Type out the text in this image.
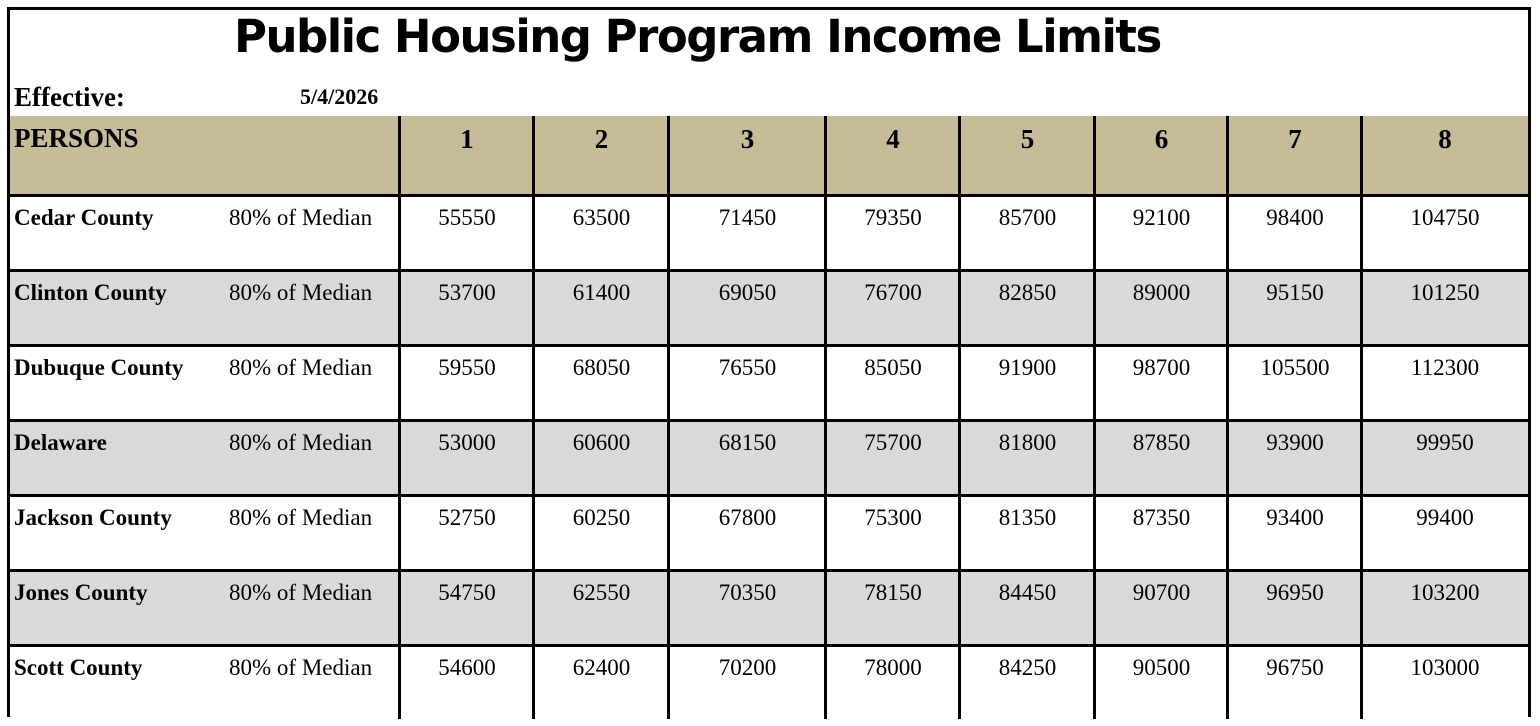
Public Housing Program Income Limits
Effective:	5/4/2026
PERSONS	1	2	3	4	5	6	7	8
Cedar County	80% of Median	55550	63500	71450	79350	85700	92100	98400	104750
Clinton County	80% of Median	53700	61400	69050	76700	82850	89000	95150	101250
Dubuque County 80% of Median	59550	68050	76550	85050	91900	98700	105500	112300
Delaware	80% of Median	53000	60600	68150	75700	81800	87850	93900	99950
Jackson County 80% of Median	52750	60250	67800	75300	81350	87350	93400	99400
Jones County	80% of Median	54750	62550	70350	78150	84450	90700	96950	103200
Scott County	80% of Median	54600	62400	70200	78000	84250	90500	96750	103000
